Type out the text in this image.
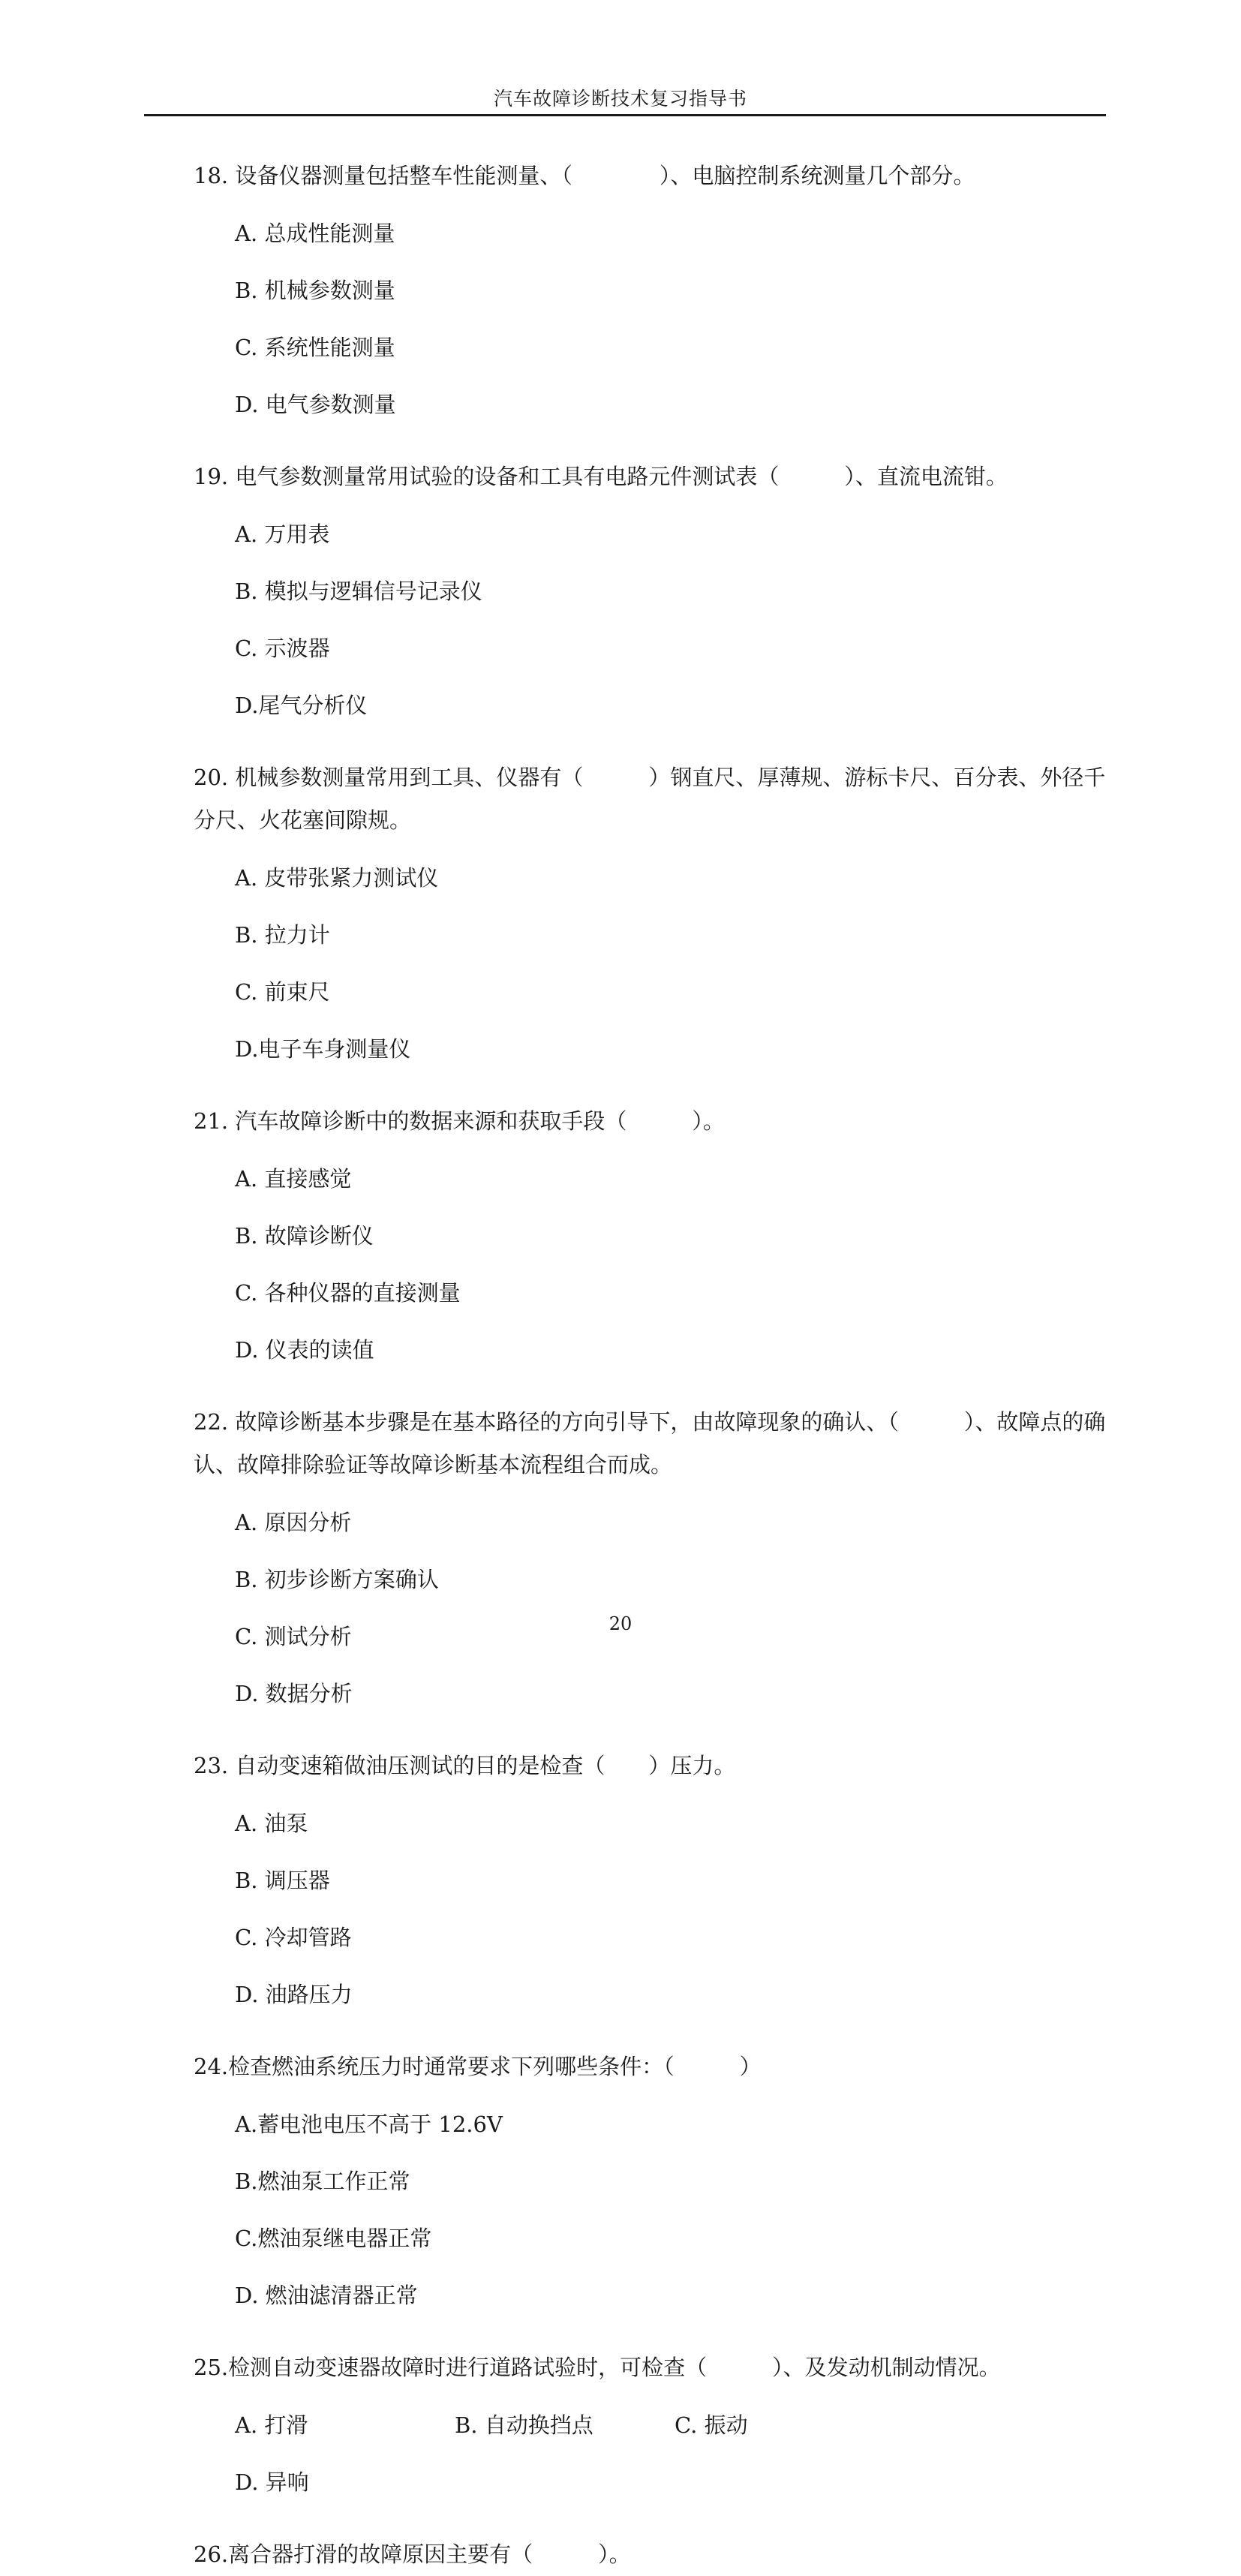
汽车故障诊断技术复习指导书

18. 设备仪器测量包括整车性能测量、（　　　　）、电脑控制系统测量几个部分。

A. 总成性能测量
B. 机械参数测量
C. 系统性能测量
D. 电气参数测量

19. 电气参数测量常用试验的设备和工具有电路元件测试表（　　　）、直流电流钳。

A. 万用表
B. 模拟与逻辑信号记录仪
C. 示波器
D.尾气分析仪

20. 机械参数测量常用到工具、仪器有（　　　）钢直尺、厚薄规、游标卡尺、百分表、外径千分尺、火花塞间隙规。

A. 皮带张紧力测试仪
B. 拉力计
C. 前束尺
D.电子车身测量仪

21. 汽车故障诊断中的数据来源和获取手段（　　　）。

A. 直接感觉
B. 故障诊断仪
C. 各种仪器的直接测量
D. 仪表的读值

22. 故障诊断基本步骤是在基本路径的方向引导下，由故障现象的确认、（　　　）、故障点的确认、故障排除验证等故障诊断基本流程组合而成。

A. 原因分析
B. 初步诊断方案确认
C. 测试分析
D. 数据分析

23. 自动变速箱做油压测试的目的是检查（　　）压力。

A. 油泵
B. 调压器
C. 冷却管路
D. 油路压力

24.检查燃油系统压力时通常要求下列哪些条件：（　　　）

A.蓄电池电压不高于 12.6V
B.燃油泵工作正常
C.燃油泵继电器正常
D. 燃油滤清器正常

25.检测自动变速器故障时进行道路试验时，可检查（　　　）、及发动机制动情况。

A. 打滑	B. 自动换挡点	C. 振动
D. 异响

26.离合器打滑的故障原因主要有（　　　）。

20
